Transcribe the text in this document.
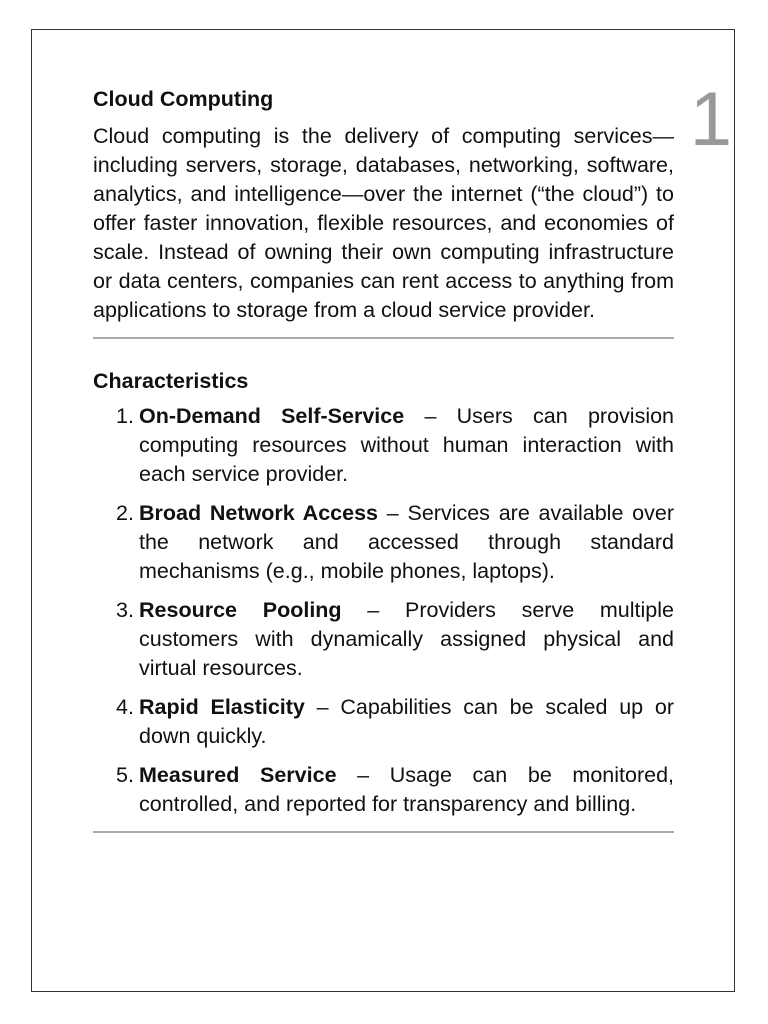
1
Cloud Computing

Cloud computing is the delivery of computing services—including servers, storage, databases, networking, software, analytics, and intelligence—over the internet (“the cloud”) to offer faster innovation, flexible resources, and economies of scale. Instead of owning their own computing infrastructure or data centers, companies can rent access to anything from applications to storage from a cloud service provider.

Characteristics
1. On-Demand Self-Service – Users can provision computing resources without human interaction with each service provider.
2. Broad Network Access – Services are available over the network and accessed through standard mechanisms (e.g., mobile phones, laptops).
3. Resource Pooling – Providers serve multiple customers with dynamically assigned physical and virtual resources.
4. Rapid Elasticity – Capabilities can be scaled up or down quickly.
5. Measured Service – Usage can be monitored, controlled, and reported for transparency and billing.
